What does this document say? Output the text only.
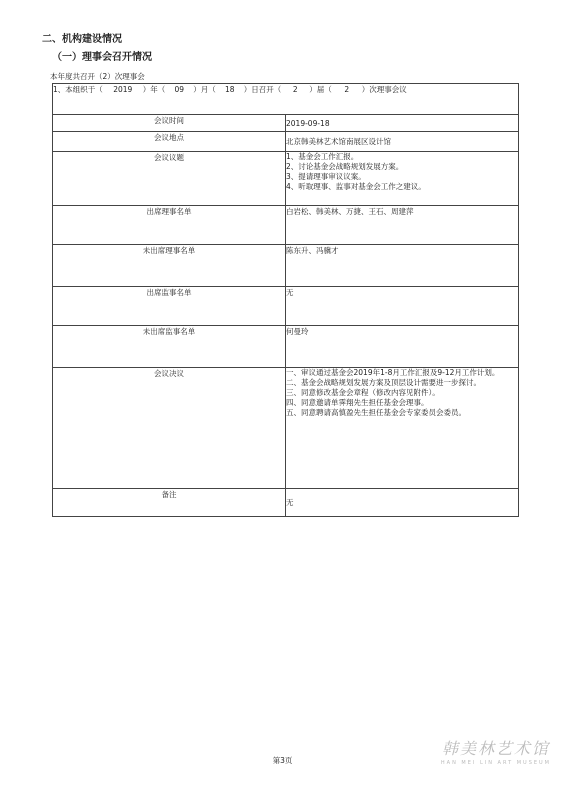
二、机构建设情况
（一）理事会召开情况
本年度共召开（2）次理事会
1、本组织于（ 2019 ）年（ 09 ）月（ 18 ）日召开（ 2 ）届（ 2 ）次理事会议	
会议时间	2019-09-18
会议地点	北京韩美林艺术馆南展区设计馆
会议议题	1、基金会工作汇报。
2、讨论基金会战略规划发展方案。
3、提请理事审议议案。
4、听取理事、监事对基金会工作之建议。

出席理事名单	白岩松、韩美林、万捷、王石、周建萍
未出席理事名单	陈东升、冯骥才
出席监事名单	无
未出席监事名单	何曼玲
会议决议	一、审议通过基金会2019年1-8月工作汇报及9-12月工作计划。
二、基金会战略规划发展方案及顶层设计需要进一步探讨。
三、同意修改基金会章程（修改内容见附件）。
四、同意邀请单霁翔先生担任基金会理事。
五、同意聘请高慎盈先生担任基金会专家委员会委员。

备注	无
第3页
韩美林艺术馆
HAN MEI LIN ART MUSEUM
